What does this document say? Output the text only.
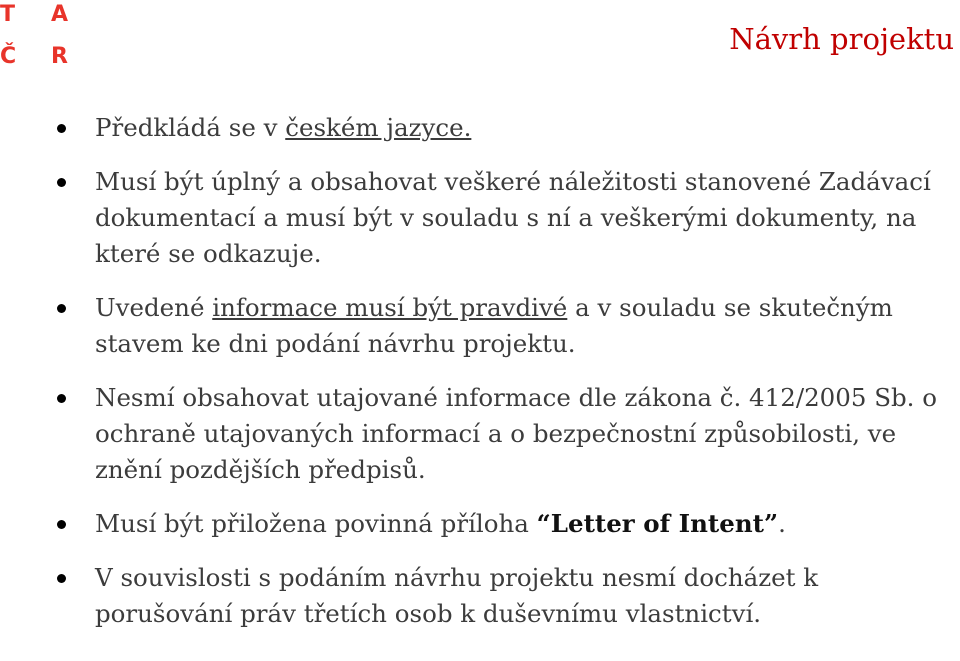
T A
Č R
Návrh projektu
Předkládá se v českém jazyce.
Musí být úplný a obsahovat veškeré náležitosti stanovené Zadávací dokumentací a musí být v souladu s ní a veškerými dokumenty, na které se odkazuje.
Uvedené informace musí být pravdivé a v souladu se skutečným stavem ke dni podání návrhu projektu.
Nesmí obsahovat utajované informace dle zákona č. 412/2005 Sb. o ochraně utajovaných informací a o bezpečnostní způsobilosti, ve znění pozdějších předpisů.
Musí být přiložena povinná příloha “Letter of Intent”.
V souvislosti s podáním návrhu projektu nesmí docházet k porušování práv třetích osob k duševnímu vlastnictví.
